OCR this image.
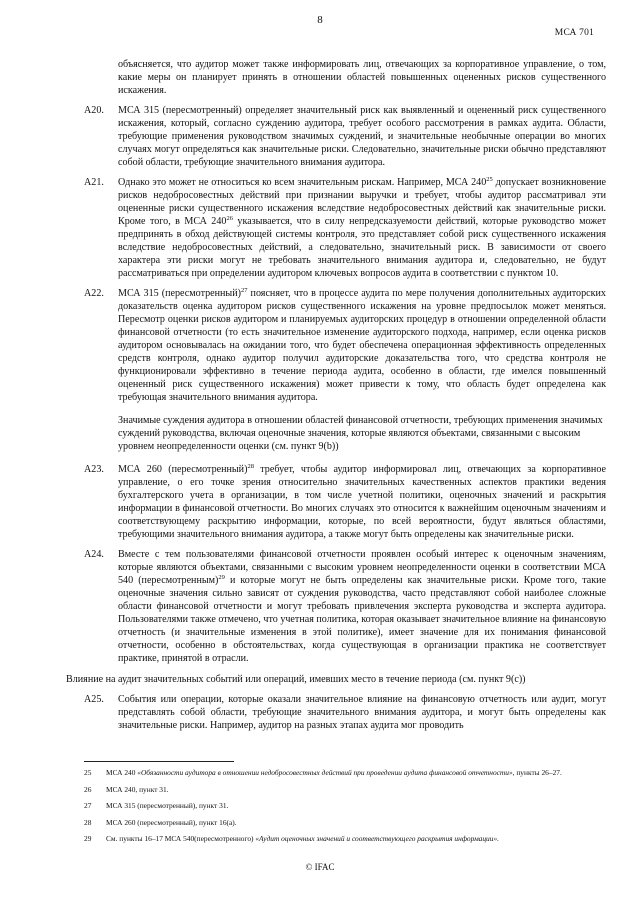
8
МСА 701
объясняется, что аудитор может также информировать лиц, отвечающих за корпоративное управление, о том, какие меры он планирует принять в отношении областей повышенных оцененных рисков существенного искажения.
A20. МСА 315 (пересмотренный) определяет значительный риск как выявленный и оцененный риск существенного искажения, который, согласно суждению аудитора, требует особого рассмотрения в рамках аудита. Области, требующие применения руководством значимых суждений, и значительные необычные операции во многих случаях могут определяться как значительные риски. Следовательно, значительные риски обычно представляют собой области, требующие значительного внимания аудитора.
A21. Однако это может не относиться ко всем значительным рискам. Например, МСА $240^{25}$ допускает возникновение рисков недобросовестных действий при признании выручки и требует, чтобы аудитор рассматривал эти оцененные риски существенного искажения вследствие недобросовестных действий как значительные риски. Кроме того, в МСА $240^{26}$ указывается, что в силу непредсказуемости действий, которые руководство может предпринять в обход действующей системы контроля, это представляет собой риск существенного искажения вследствие недобросовестных действий, а следовательно, значительный риск. В зависимости от своего характера эти риски могут не требовать значительного внимания аудитора и, следовательно, не будут рассматриваться при определении аудитором ключевых вопросов аудита в соответствии с пунктом 10.
A22. МСА 315 (пересмотренный)$^{27}$ поясняет, что в процессе аудита по мере получения дополнительных аудиторских доказательств оценка аудитором рисков существенного искажения на уровне предпосылок может меняться. Пересмотр оценки рисков аудитором и планируемых аудиторских процедур в отношении определенной области финансовой отчетности (то есть значительное изменение аудиторского подхода, например, если оценка рисков аудитором основывалась на ожидании того, что будет обеспечена операционная эффективность определенных средств контроля, однако аудитор получил аудиторские доказательства того, что средства контроля не функционировали эффективно в течение периода аудита, особенно в области, где имелся повышенный оцененный риск существенного искажения) может привести к тому, что область будет определена как требующая значительного внимания аудитора.
Значимые суждения аудитора в отношении областей финансовой отчетности, требующих применения значимых суждений руководства, включая оценочные значения, которые являются объектами, связанными с высоким уровнем неопределенности оценки (см. пункт 9(b))
A23. МСА 260 (пересмотренный)$^{28}$ требует, чтобы аудитор информировал лиц, отвечающих за корпоративное управление, о его точке зрения относительно значительных качественных аспектов практики ведения бухгалтерского учета в организации, в том числе учетной политики, оценочных значений и раскрытия информации в финансовой отчетности. Во многих случаях это относится к важнейшим оценочным значениям и соответствующему раскрытию информации, которые, по всей вероятности, будут являться областями, требующими значительного внимания аудитора, а также могут быть определены как значительные риски.
A24. Вместе с тем пользователями финансовой отчетности проявлен особый интерес к оценочным значениям, которые являются объектами, связанными с высоким уровнем неопределенности оценки в соответствии МСА 540 (пересмотренным)$^{29}$ и которые могут не быть определены как значительные риски. Кроме того, такие оценочные значения сильно зависят от суждения руководства, часто представляют собой наиболее сложные области финансовой отчетности и могут требовать привлечения эксперта руководства и эксперта аудитора. Пользователями также отмечено, что учетная политика, которая оказывает значительное влияние на финансовую отчетность (и значительные изменения в этой политике), имеет значение для их понимания финансовой отчетности, особенно в обстоятельствах, когда существующая в организации практика не соответствует практике, принятой в отрасли.
Влияние на аудит значительных событий или операций, имевших место в течение периода (см. пункт 9(c))
A25. События или операции, которые оказали значительное влияние на финансовую отчетность или аудит, могут представлять собой области, требующие значительного внимания аудитора, и могут быть определены как значительные риски. Например, аудитор на разных этапах аудита мог проводить
25 МСА 240 «Обязанности аудитора в отношении недобросовестных действий при проведении аудита финансовой отчетности», пункты 26–27.
26 МСА 240, пункт 31.
27 МСА 315 (пересмотренный), пункт 31.
28 МСА 260 (пересмотренный), пункт 16(a).
29 См. пункты 16–17 МСА 540(пересмотренного) «Аудит оценочных значений и соответствующего раскрытия информации».
© IFAC
